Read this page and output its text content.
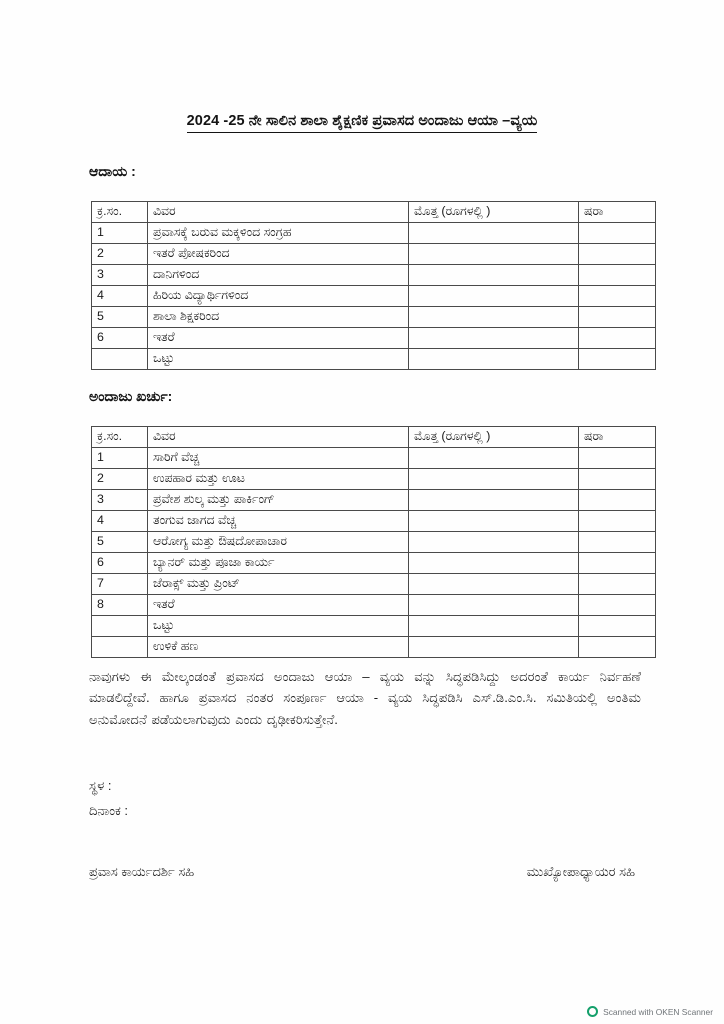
2024 -25 ನೇ ಸಾಲಿನ ಶಾಲಾ ಶೈಕ್ಷಣಿಕ ಪ್ರವಾಸದ ಅಂದಾಜು ಆಯಾ –ವ್ಯಯ
ಆದಾಯ :
ಕ್ರ.ಸಂ.	ವಿವರ	ಮೊತ್ತ (ರೂಗಳಲ್ಲಿ )	ಷರಾ
1	ಪ್ರವಾಸಕ್ಕೆ ಬರುವ ಮಕ್ಕಳಿಂದ ಸಂಗ್ರಹ		
2	ಇತರೆ ಪೋಷಕರಿಂದ		
3	ದಾನಿಗಳಿಂದ		
4	ಹಿರಿಯ ವಿದ್ಯಾರ್ಥಿಗಳಿಂದ		
5	ಶಾಲಾ ಶಿಕ್ಷಕರಿಂದ		
6	ಇತರೆ		
	ಒಟ್ಟು		
ಅಂದಾಜು ಖರ್ಚು:
ಕ್ರ.ಸಂ.	ವಿವರ	ಮೊತ್ತ (ರೂಗಳಲ್ಲಿ )	ಷರಾ
1	ಸಾರಿಗೆ ವೆಚ್ಚ		
2	ಉಪಹಾರ ಮತ್ತು ಊಟ		
3	ಪ್ರವೇಶ ಶುಲ್ಕ ಮತ್ತು ಪಾರ್ಕಿಂಗ್		
4	ತಂಗುವ ಜಾಗದ ವೆಚ್ಚ		
5	ಆರೋಗ್ಯ ಮತ್ತು ಔಷದೋಪಾಚಾರ		
6	ಬ್ಯಾನರ್ ಮತ್ತು ಪೂಜಾ ಕಾರ್ಯ		
7	ಜೆರಾಕ್ಸ್ ಮತ್ತು ಪ್ರಿಂಟ್		
8	ಇತರೆ		
	ಒಟ್ಟು		
	ಉಳಿಕೆ ಹಣ		
ನಾವುಗಳು ಈ ಮೇಲ್ಕಂಡಂತೆ ಪ್ರವಾಸದ ಅಂದಾಜು ಆಯಾ – ವ್ಯಯ ವನ್ನು ಸಿದ್ಧಪಡಿಸಿದ್ದು ಅದರಂತೆ ಕಾರ್ಯ ನಿರ್ವಹಣೆ ಮಾಡಲಿದ್ದೇವೆ. ಹಾಗೂ ಪ್ರವಾಸದ ನಂತರ ಸಂಪೂರ್ಣ ಆಯಾ - ವ್ಯಯ ಸಿದ್ಧಪಡಿಸಿ ಎಸ್.ಡಿ.ಎಂ.ಸಿ. ಸಮಿತಿಯಲ್ಲಿ ಅಂತಿಮ ಅನುಮೋದನೆ ಪಡೆಯಲಾಗುವುದು ಎಂದು ದೃಢೀಕರಿಸುತ್ತೇನೆ.
ಸ್ಥಳ :
ದಿನಾಂಕ :
ಪ್ರವಾಸ ಕಾರ್ಯದರ್ಶಿ ಸಹಿ	ಮುಖ್ಯೋಪಾಧ್ಯಾಯರ ಸಹಿ
Scanned with OKEN Scanner
